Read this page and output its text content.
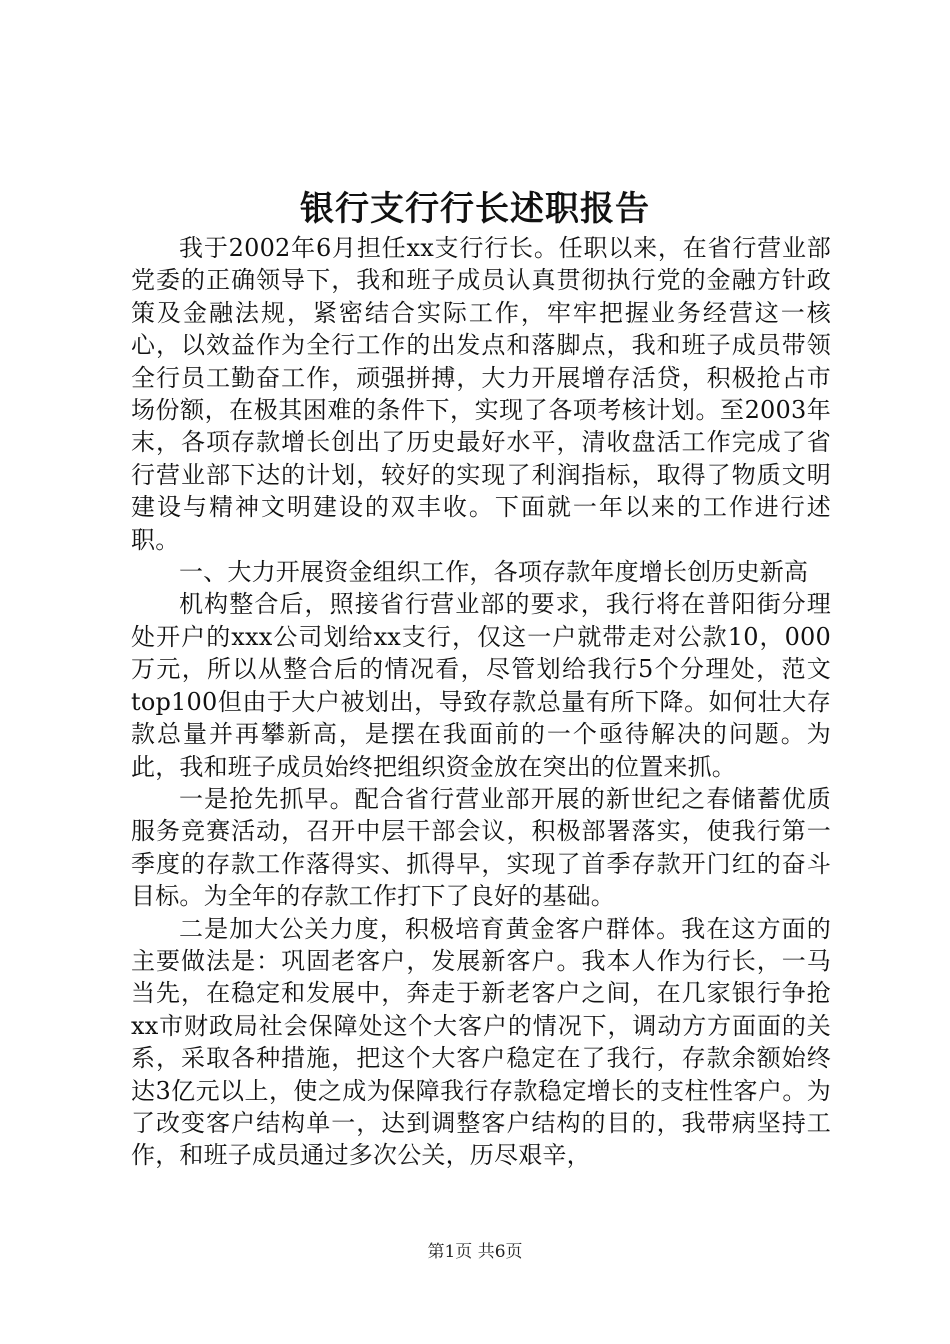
银行支行行长述职报告

我于2002年6月担任xx支行行长。任职以来，在省行营业部党委的正确领导下，我和班子成员认真贯彻执行党的金融方针政策及金融法规，紧密结合实际工作，牢牢把握业务经营这一核心，以效益作为全行工作的出发点和落脚点，我和班子成员带领全行员工勤奋工作，顽强拼搏，大力开展增存活贷，积极抢占市场份额，在极其困难的条件下，实现了各项考核计划。至2003年末，各项存款增长创出了历史最好水平，清收盘活工作完成了省行营业部下达的计划，较好的实现了利润指标，取得了物质文明建设与精神文明建设的双丰收。下面就一年以来的工作进行述职。

一、大力开展资金组织工作，各项存款年度增长创历史新高

机构整合后，照接省行营业部的要求，我行将在普阳街分理处开户的xxx公司划给xx支行，仅这一户就带走对公款10，000万元，所以从整合后的情况看，尽管划给我行5个分理处，范文top100但由于大户被划出，导致存款总量有所下降。如何壮大存款总量并再攀新高，是摆在我面前的一个亟待解决的问题。为此，我和班子成员始终把组织资金放在突出的位置来抓。

一是抢先抓早。配合省行营业部开展的新世纪之春储蓄优质服务竞赛活动，召开中层干部会议，积极部署落实，使我行第一季度的存款工作落得实、抓得早，实现了首季存款开门红的奋斗目标。为全年的存款工作打下了良好的基础。

二是加大公关力度，积极培育黄金客户群体。我在这方面的主要做法是：巩固老客户，发展新客户。我本人作为行长，一马当先，在稳定和发展中，奔走于新老客户之间，在几家银行争抢xx市财政局社会保障处这个大客户的情况下，调动方方面面的关系，采取各种措施，把这个大客户稳定在了我行，存款余额始终达3亿元以上，使之成为保障我行存款稳定增长的支柱性客户。为了改变客户结构单一，达到调整客户结构的目的，我带病坚持工作，和班子成员通过多次公关，历尽艰辛，

第1页 共6页
